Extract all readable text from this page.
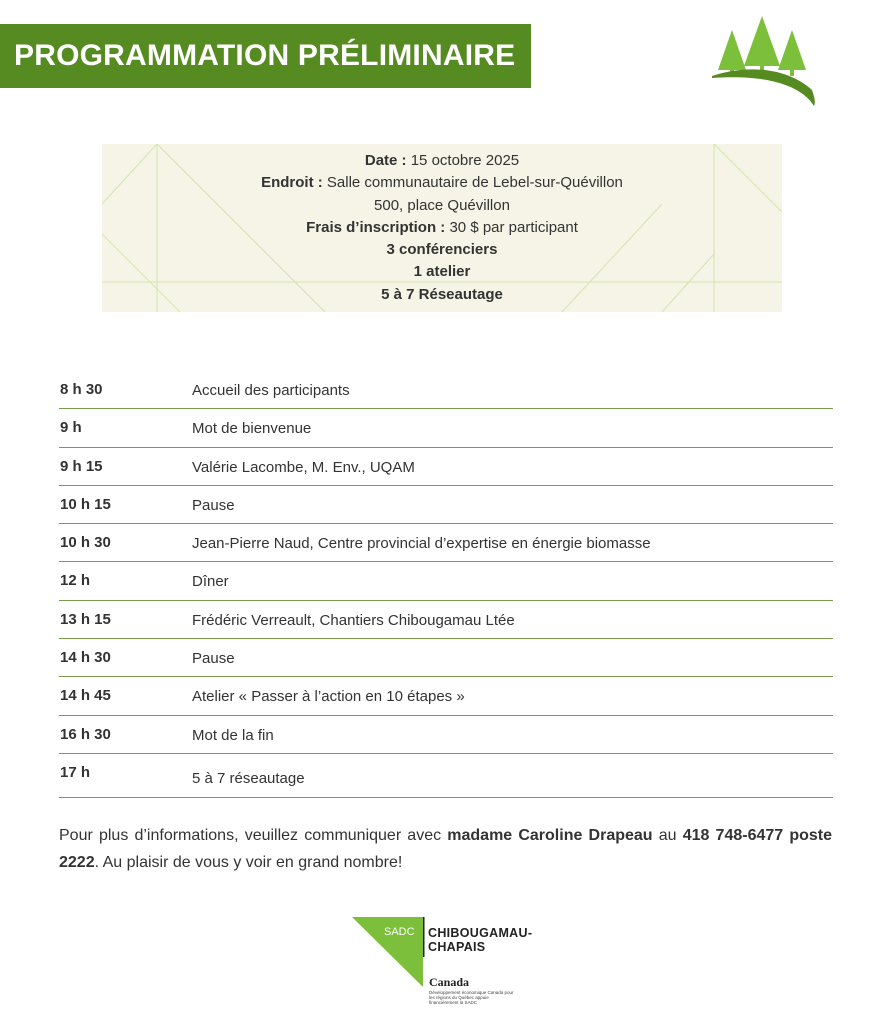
PROGRAMMATION PRÉLIMINAIRE
Date : 15 octobre 2025
Endroit : Salle communautaire de Lebel-sur-Quévillon
500, place Quévillon
Frais d’inscription : 30 $ par participant
3 conférenciers
1 atelier
5 à 7 Réseautage
8 h 30	Accueil des participants
9 h	Mot de bienvenue
9 h 15	Valérie Lacombe, M. Env., UQAM
10 h 15	Pause
10 h 30	Jean-Pierre Naud, Centre provincial d’expertise en énergie biomasse
12 h	Dîner
13 h 15	Frédéric Verreault, Chantiers Chibougamau Ltée
14 h 30	Pause
14 h 45	Atelier « Passer à l’action en 10 étapes »
16 h 30	Mot de la fin
17 h	5 à 7 réseautage
Pour plus d’informations, veuillez communiquer avec madame Caroline Drapeau au 418 748-6477 poste 2222. Au plaisir de vous y voir en grand nombre!
SADC CHIBOUGAMAU-
CHAPAIS
Canada
Développement économique Canada pour les régions du Québec appuie financièrement la SADC
